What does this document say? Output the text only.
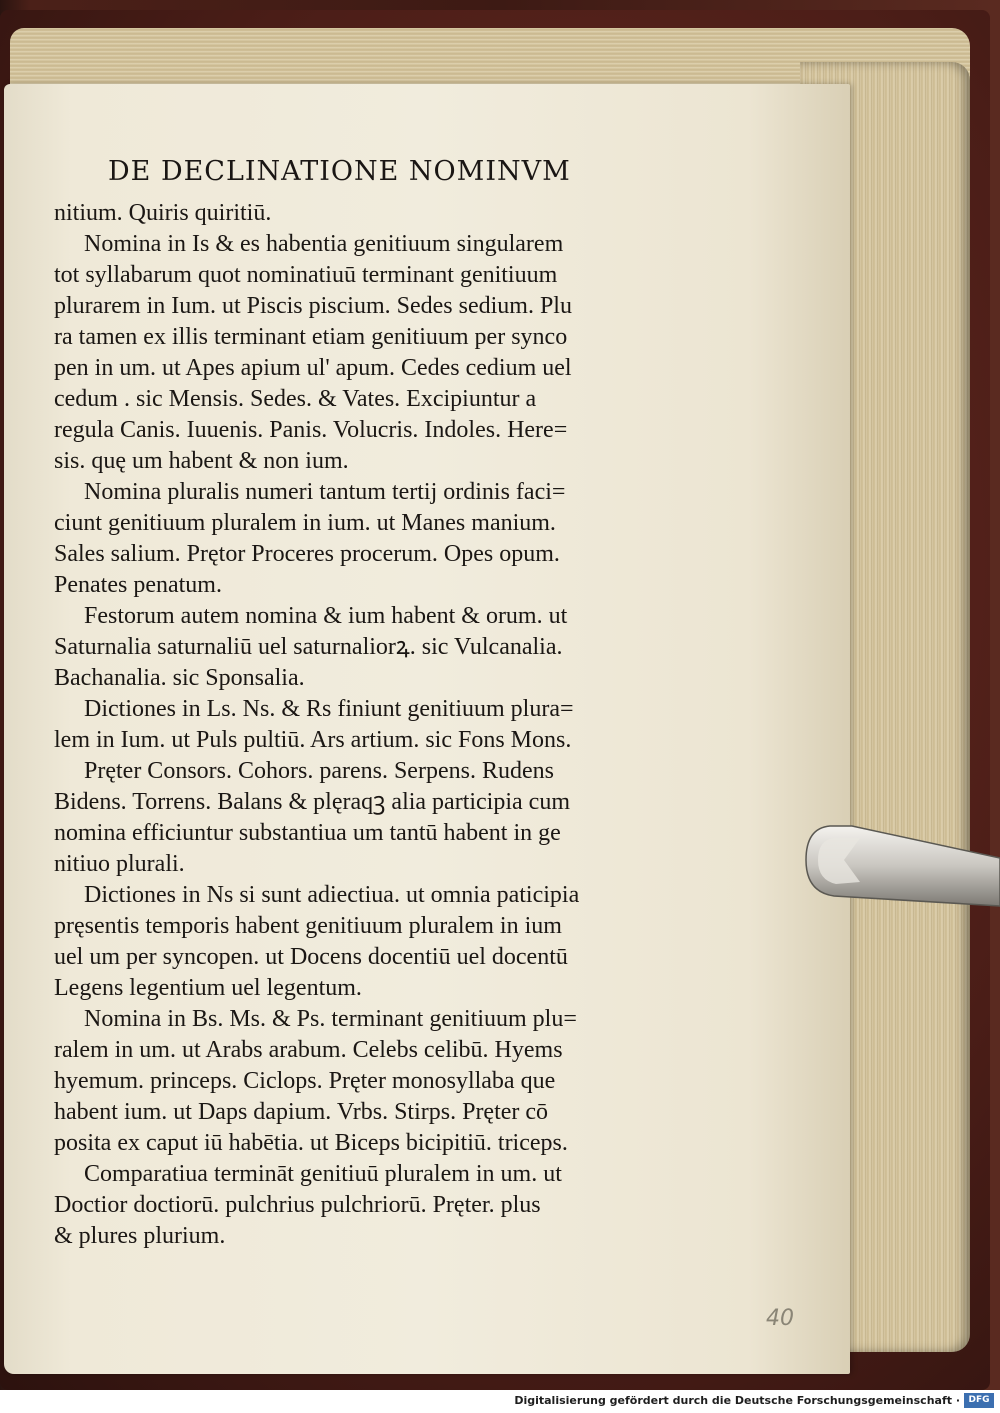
DE DECLINATIONE NOMINVM
nitium. Quiris quiritiū.
Nomina in Is & es habentia genitiuum singularem
tot syllabarum quot nominatiuū terminant genitiuum
plurarem in Ium. ut Piscis piscium. Sedes sedium. Plu
ra tamen ex illis terminant etiam genitiuum per synco
pen in um. ut Apes apium ul' apum. Cedes cedium uel
cedum . sic Mensis. Sedes. & Vates. Excipiuntur a
regula Canis. Iuuenis. Panis. Volucris. Indoles. Here=
sis. quę um habent & non ium.
Nomina pluralis numeri tantum tertij ordinis faci=
ciunt genitiuum pluralem in ium. ut Manes manium.
Sales salium. Prętor Proceres procerum. Opes opum.
Penates penatum.
Festorum autem nomina & ium habent & orum. ut
Saturnalia saturnaliū uel saturnaliorꝝ. sic Vulcanalia.
Bachanalia. sic Sponsalia.
Dictiones in Ls. Ns. & Rs finiunt genitiuum plura=
lem in Ium. ut Puls pultiū. Ars artium. sic Fons Mons.
Pręter Consors. Cohors. parens. Serpens. Rudens
Bidens. Torrens. Balans & plęraqꝫ alia participia cum
nomina efficiuntur substantiua um tantū habent in ge
nitiuo plurali.
Dictiones in Ns si sunt adiectiua. ut omnia paticipia
pręsentis temporis habent genitiuum pluralem in ium
uel um per syncopen. ut Docens docentiū uel docentū
Legens legentium uel legentum.
Nomina in Bs. Ms. & Ps. terminant genitiuum plu=
ralem in um. ut Arabs arabum. Celebs celibū. Hyems
hyemum. princeps. Ciclops. Pręter monosyllaba que
habent ium. ut Daps dapium. Vrbs. Stirps. Pręter cō
posita ex caput iū habētia. ut Biceps bicipitiū. triceps.
Comparatiua termināt genitiuū pluralem in um. ut
Doctior doctiorū. pulchrius pulchriorū. Pręter. plus
& plures plurium.
40
Digitalisierung gefördert durch die Deutsche Forschungsgemeinschaft · DFG
